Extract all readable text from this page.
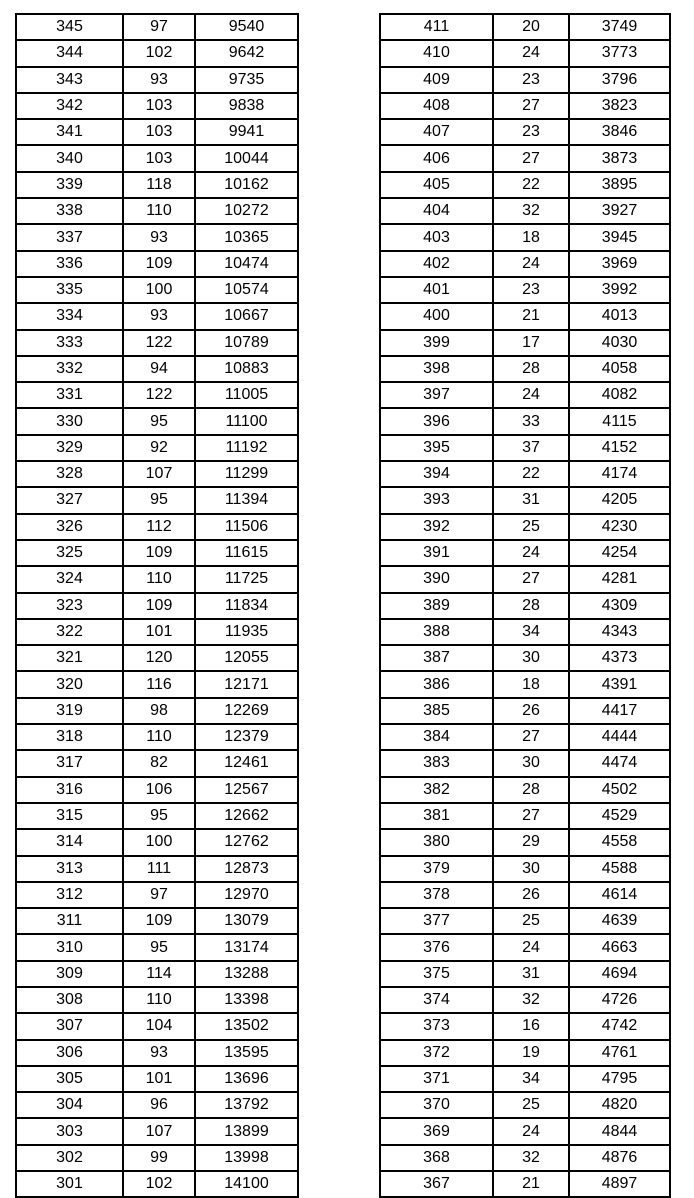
345	97	9540
344	102	9642
343	93	9735
342	103	9838
341	103	9941
340	103	10044
339	118	10162
338	110	10272
337	93	10365
336	109	10474
335	100	10574
334	93	10667
333	122	10789
332	94	10883
331	122	11005
330	95	11100
329	92	11192
328	107	11299
327	95	11394
326	112	11506
325	109	11615
324	110	11725
323	109	11834
322	101	11935
321	120	12055
320	116	12171
319	98	12269
318	110	12379
317	82	12461
316	106	12567
315	95	12662
314	100	12762
313	111	12873
312	97	12970
311	109	13079
310	95	13174
309	114	13288
308	110	13398
307	104	13502
306	93	13595
305	101	13696
304	96	13792
303	107	13899
302	99	13998
301	102	14100
411	20	3749
410	24	3773
409	23	3796
408	27	3823
407	23	3846
406	27	3873
405	22	3895
404	32	3927
403	18	3945
402	24	3969
401	23	3992
400	21	4013
399	17	4030
398	28	4058
397	24	4082
396	33	4115
395	37	4152
394	22	4174
393	31	4205
392	25	4230
391	24	4254
390	27	4281
389	28	4309
388	34	4343
387	30	4373
386	18	4391
385	26	4417
384	27	4444
383	30	4474
382	28	4502
381	27	4529
380	29	4558
379	30	4588
378	26	4614
377	25	4639
376	24	4663
375	31	4694
374	32	4726
373	16	4742
372	19	4761
371	34	4795
370	25	4820
369	24	4844
368	32	4876
367	21	4897
